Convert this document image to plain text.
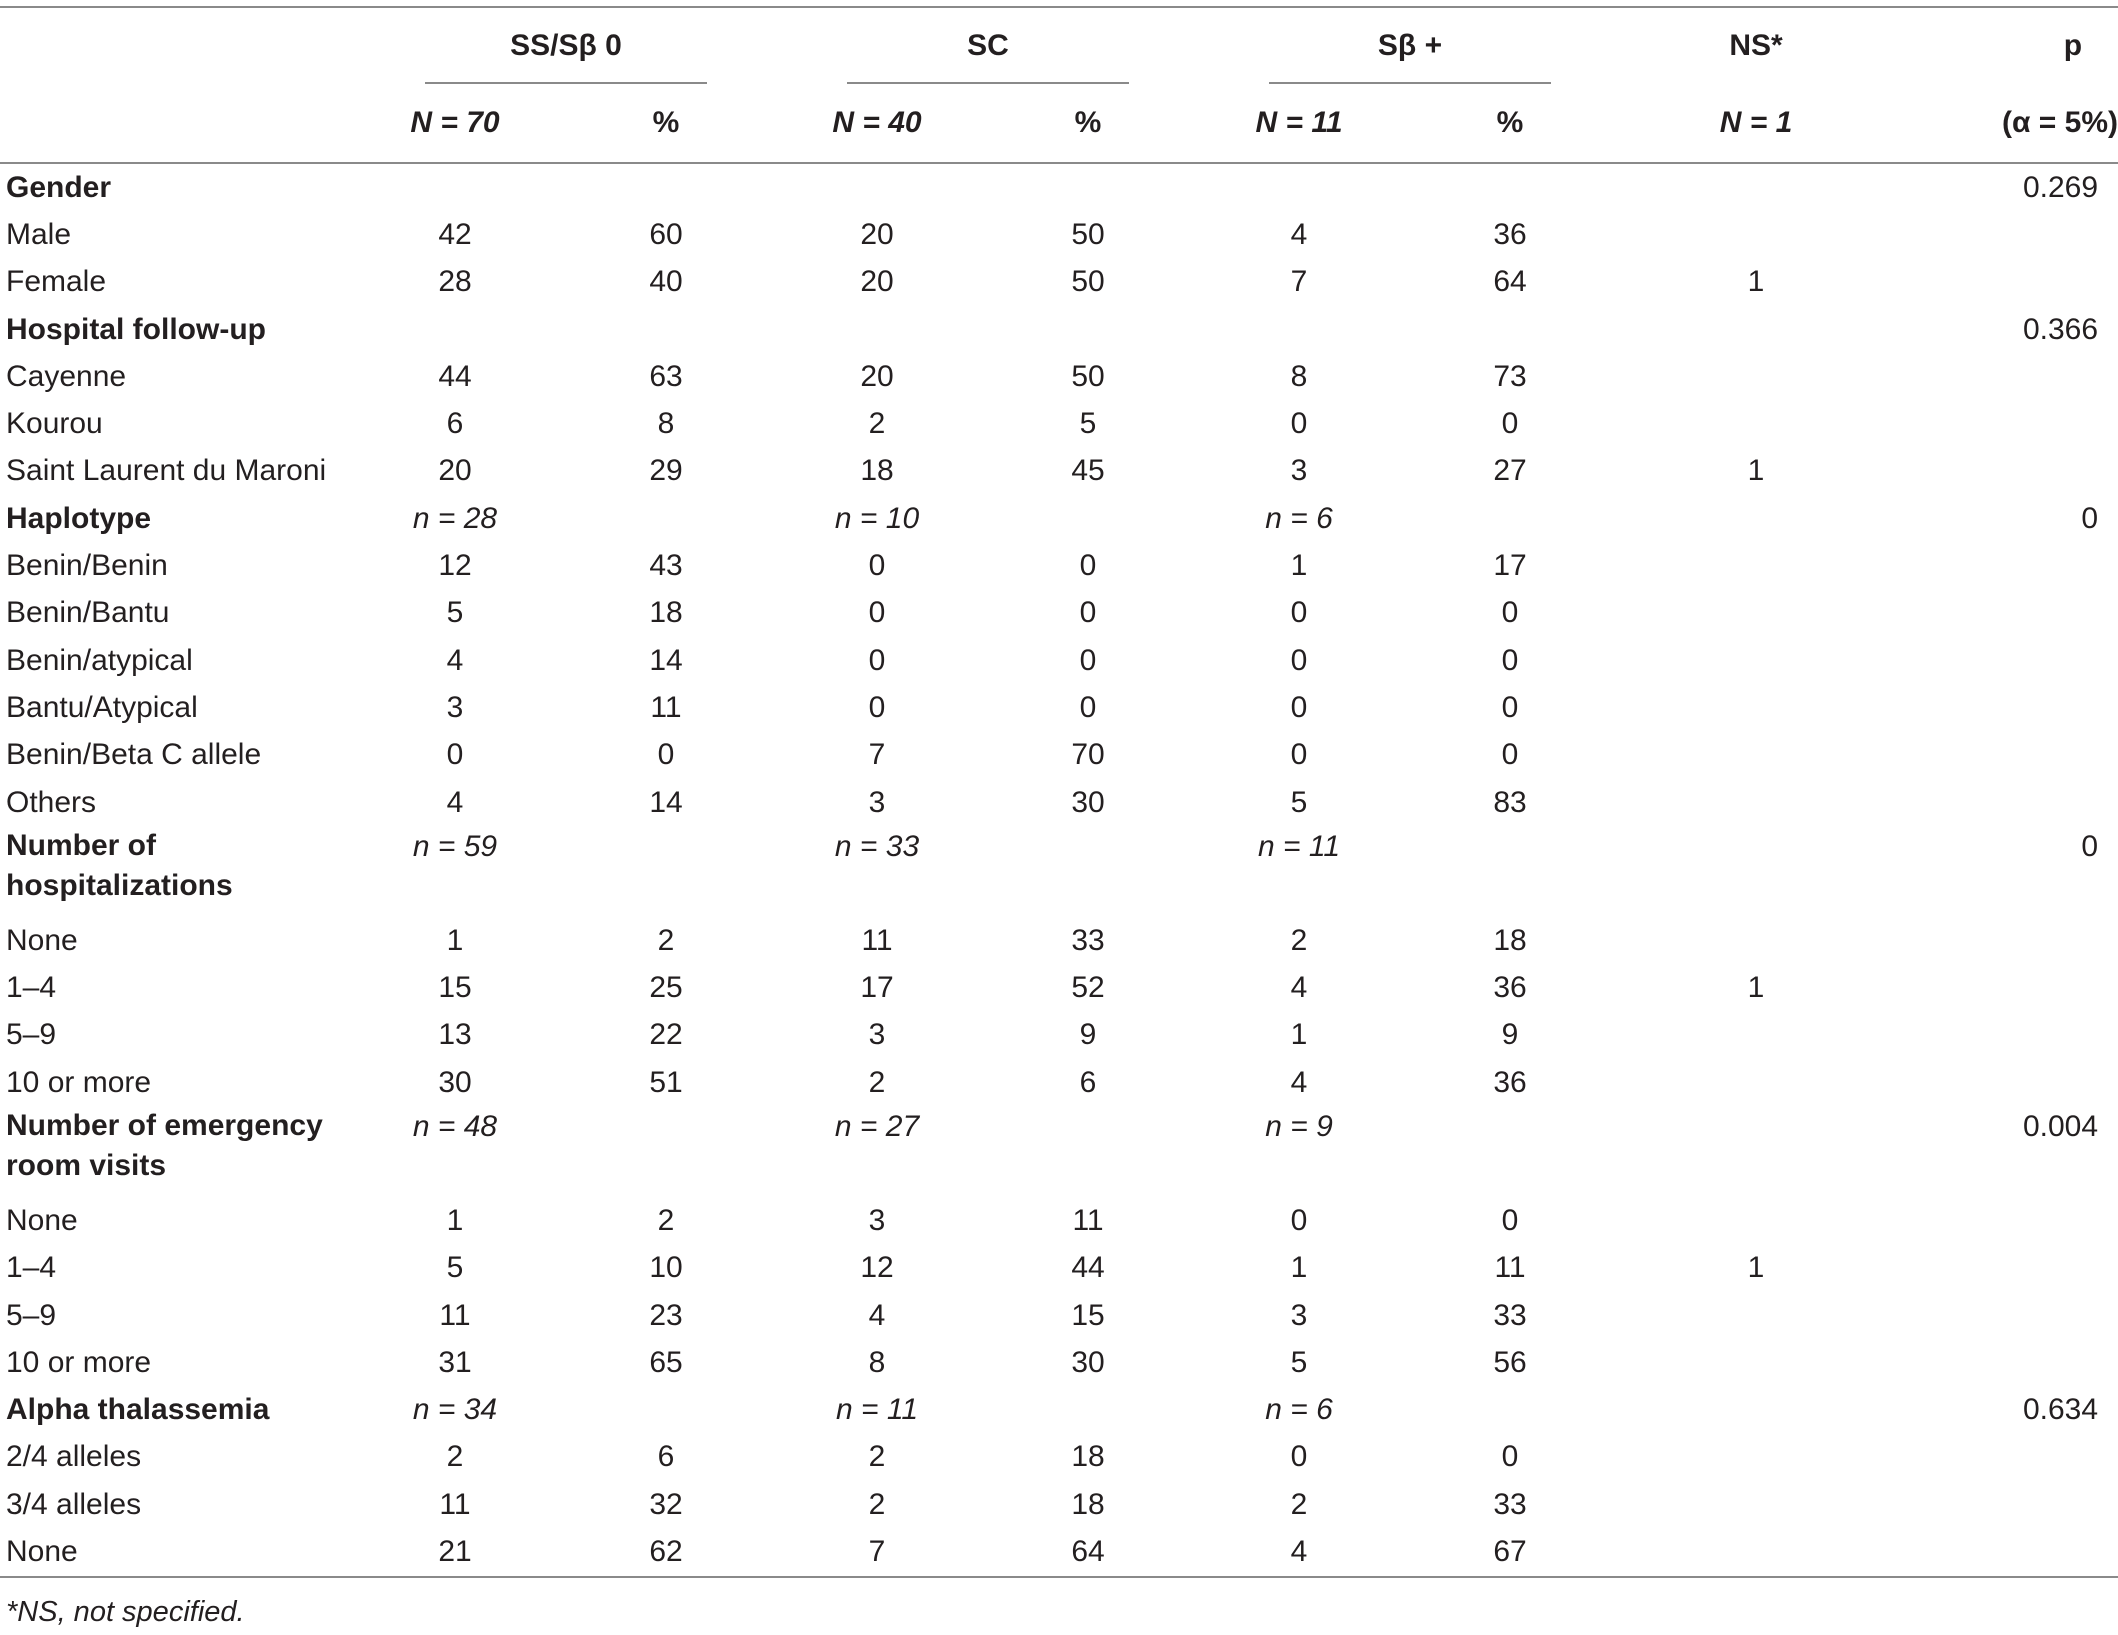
	SS/Sβ 0		SC		Sβ +		NS*	p
	N = 70	%	N = 40	%	N = 11	%	N = 1	(α = 5%)
Gender								0.269
Male	42	60	20	50	4	36		
Female	28	40	20	50	7	64	1	
Hospital follow-up								0.366
Cayenne	44	63	20	50	8	73		
Kourou	6	8	2	5	0	0		
Saint Laurent du Maroni	20	29	18	45	3	27	1	
Haplotype	n = 28		n = 10		n = 6			0
Benin/Benin	12	43	0	0	1	17		
Benin/Bantu	5	18	0	0	0	0		
Benin/atypical	4	14	0	0	0	0		
Bantu/Atypical	3	11	0	0	0	0		
Benin/Beta C allele	0	0	7	70	0	0		
Others	4	14	3	30	5	83		
Number of hospitalizations	n = 59		n = 33		n = 11			0
None	1	2	11	33	2	18		
1–4	15	25	17	52	4	36	1	
5–9	13	22	3	9	1	9		
10 or more	30	51	2	6	4	36		
Number of emergency room visits	n = 48		n = 27		n = 9			0.004
None	1	2	3	11	0	0		
1–4	5	10	12	44	1	11	1	
5–9	11	23	4	15	3	33		
10 or more	31	65	8	30	5	56		
Alpha thalassemia	n = 34		n = 11		n = 6			0.634
2/4 alleles	2	6	2	18	0	0		
3/4 alleles	11	32	2	18	2	33		
None	21	62	7	64	4	67		
*NS, not specified.
